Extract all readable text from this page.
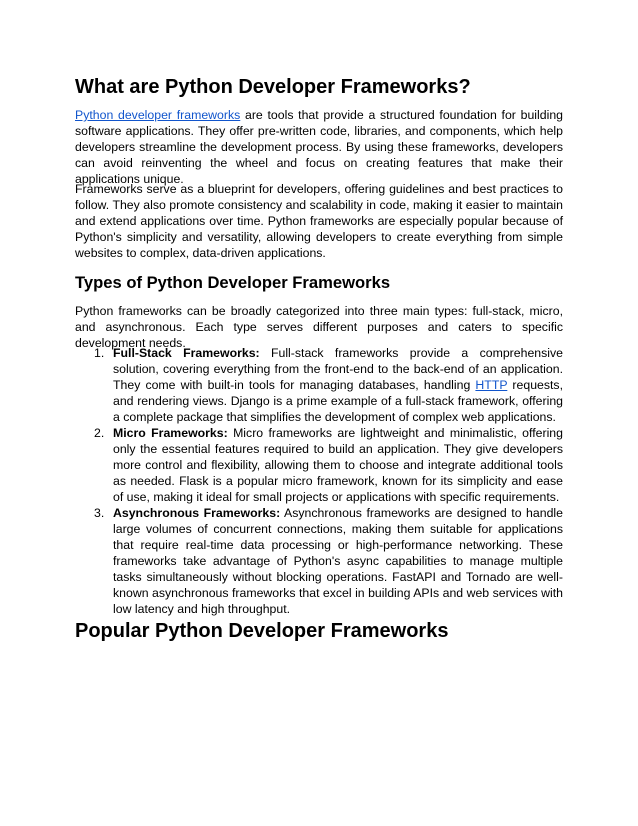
What are Python Developer Frameworks?

Python developer frameworks are tools that provide a structured foundation for building software applications. They offer pre-written code, libraries, and components, which help developers streamline the development process. By using these frameworks, developers can avoid reinventing the wheel and focus on creating features that make their applications unique.

Frameworks serve as a blueprint for developers, offering guidelines and best practices to follow. They also promote consistency and scalability in code, making it easier to maintain and extend applications over time. Python frameworks are especially popular because of Python's simplicity and versatility, allowing developers to create everything from simple websites to complex, data-driven applications.

Types of Python Developer Frameworks

Python frameworks can be broadly categorized into three main types: full-stack, micro, and asynchronous. Each type serves different purposes and caters to specific development needs.

1. Full-Stack Frameworks: Full-stack frameworks provide a comprehensive solution, covering everything from the front-end to the back-end of an application. They come with built-in tools for managing databases, handling HTTP requests, and rendering views. Django is a prime example of a full-stack framework, offering a complete package that simplifies the development of complex web applications.
2. Micro Frameworks: Micro frameworks are lightweight and minimalistic, offering only the essential features required to build an application. They give developers more control and flexibility, allowing them to choose and integrate additional tools as needed. Flask is a popular micro framework, known for its simplicity and ease of use, making it ideal for small projects or applications with specific requirements.
3. Asynchronous Frameworks: Asynchronous frameworks are designed to handle large volumes of concurrent connections, making them suitable for applications that require real-time data processing or high-performance networking. These frameworks take advantage of Python's async capabilities to manage multiple tasks simultaneously without blocking operations. FastAPI and Tornado are well-known asynchronous frameworks that excel in building APIs and web services with low latency and high throughput.
Popular Python Developer Frameworks
